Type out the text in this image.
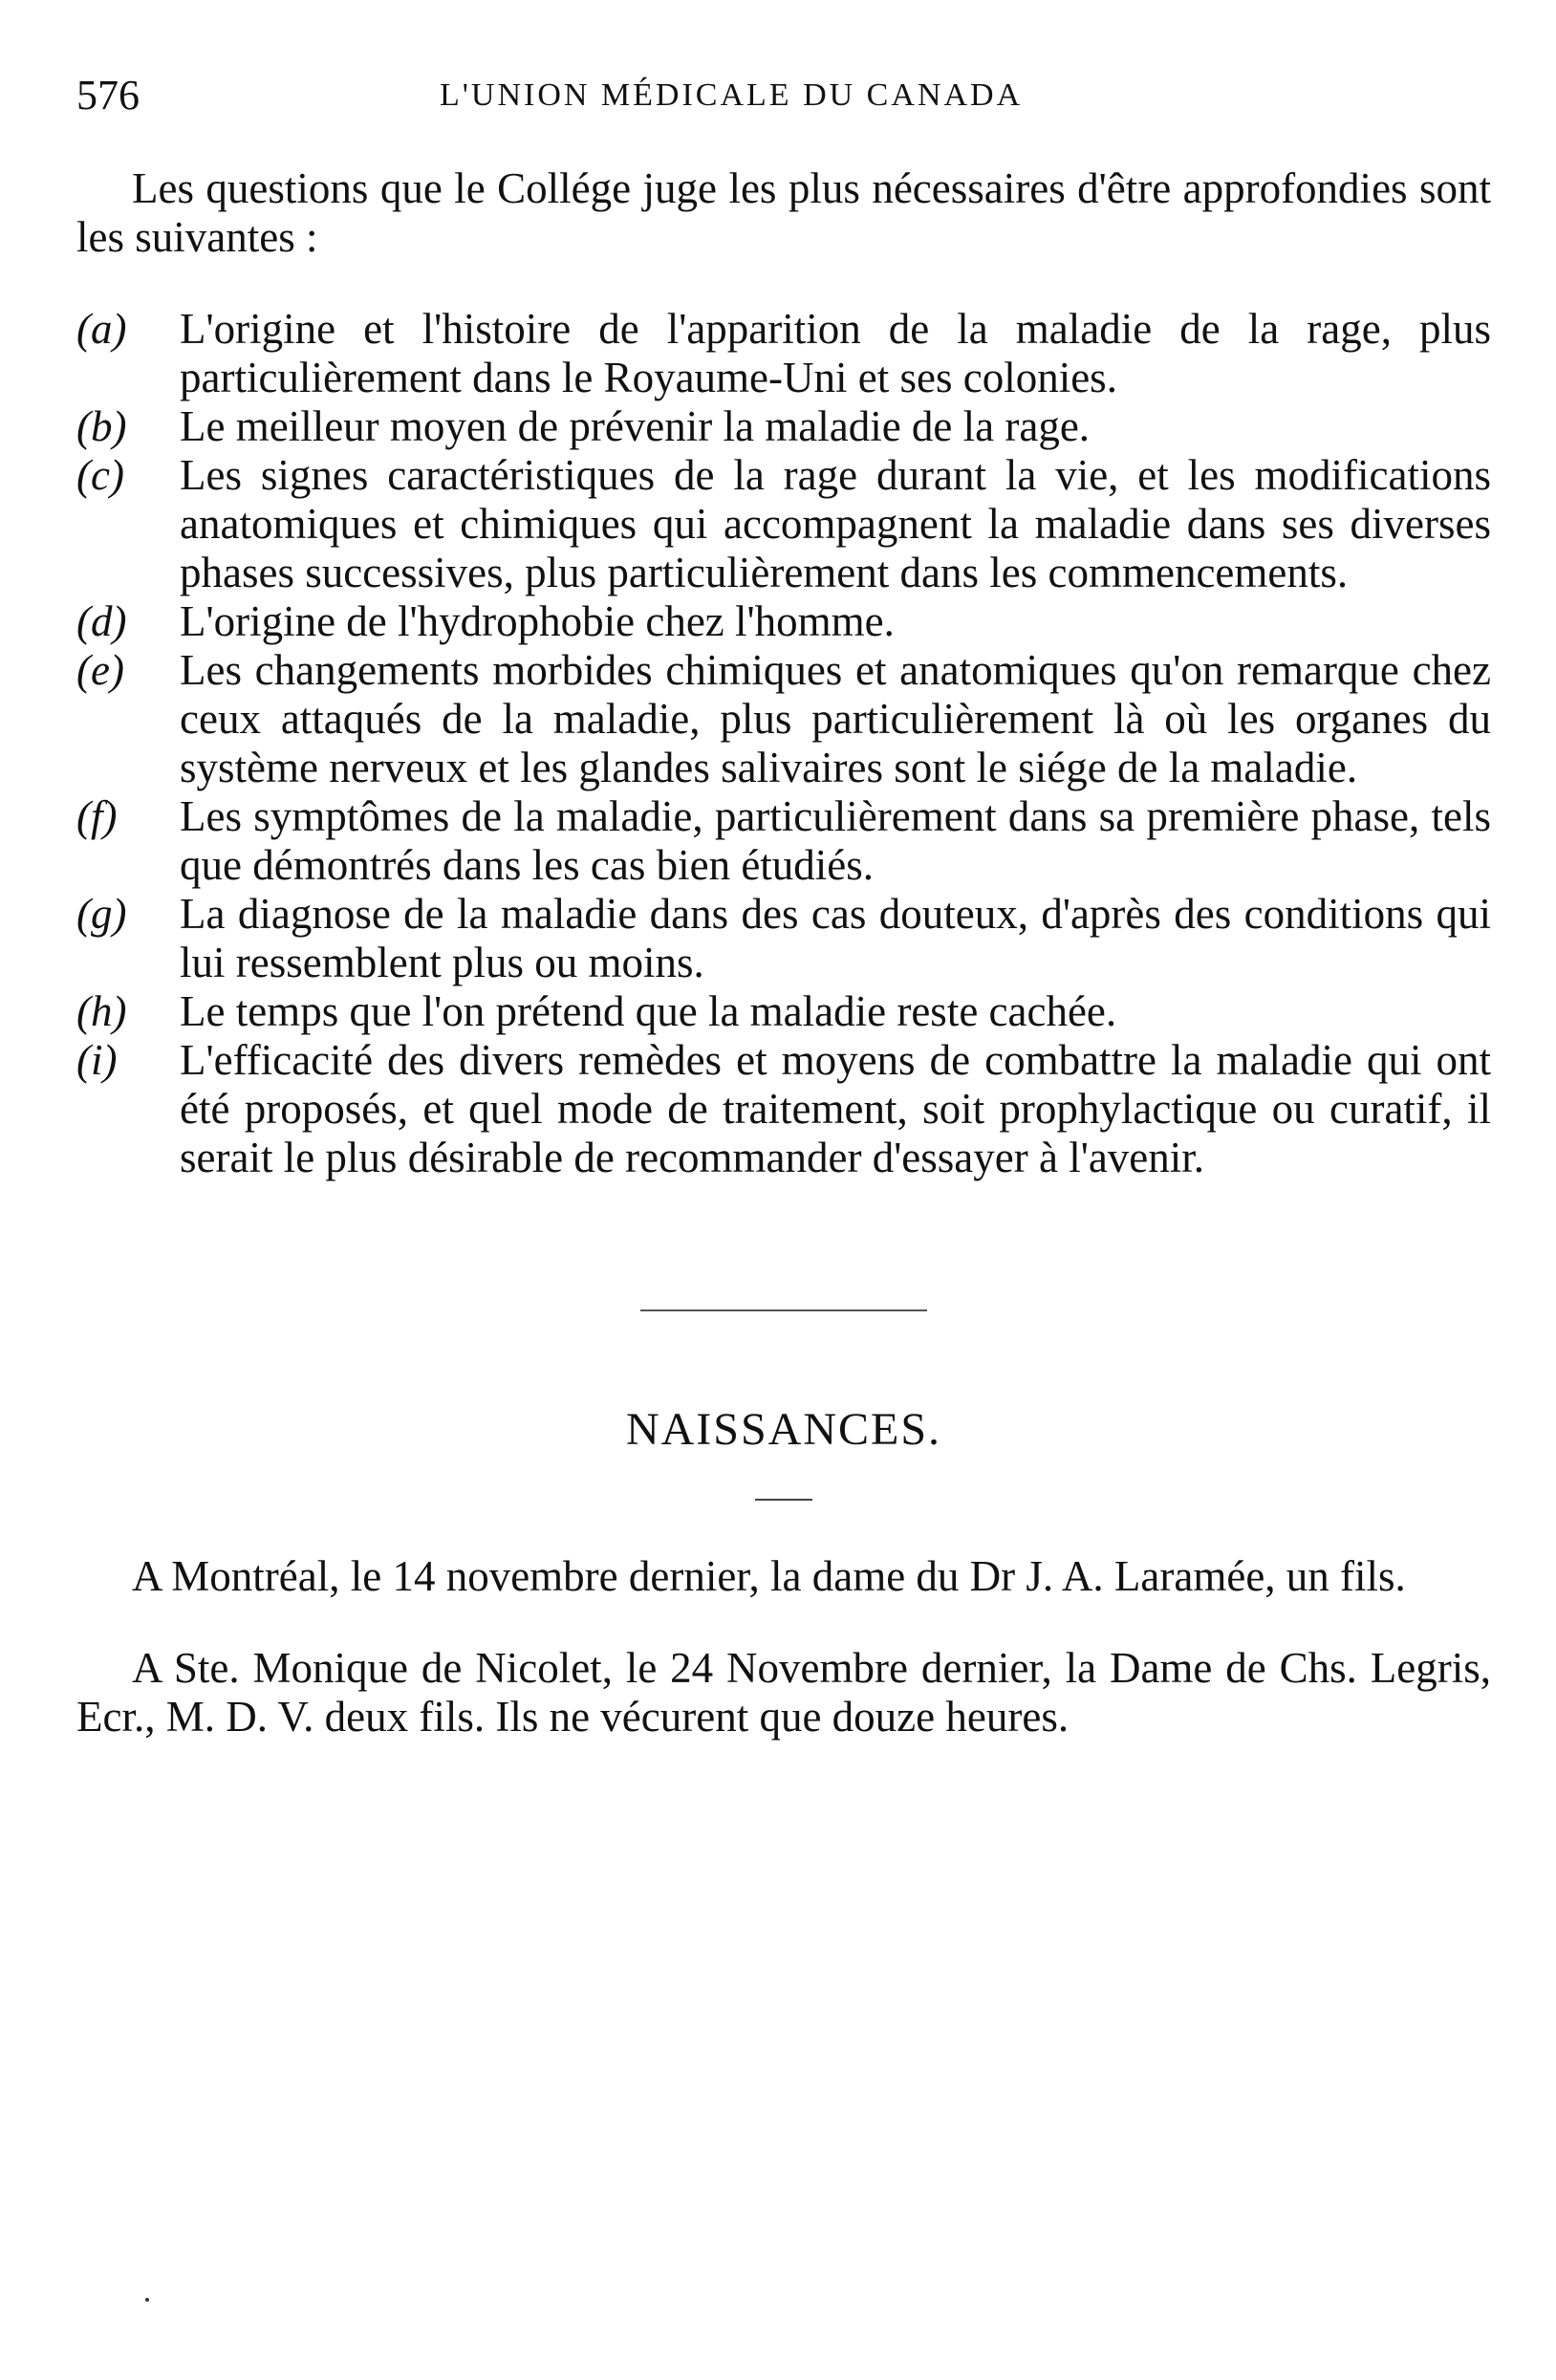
576	L'UNION MÉDICALE DU CANADA

Les questions que le Collége juge les plus nécessaires d'être approfondies sont les suivantes :

(a)	L'origine et l'histoire de l'apparition de la maladie de la rage, plus particulièrement dans le Royaume-Uni et ses colonies.
(b)	Le meilleur moyen de prévenir la maladie de la rage.
(c)	Les signes caractéristiques de la rage durant la vie, et les modifications anatomiques et chimiques qui accompagnent la maladie dans ses diverses phases successives, plus particulièrement dans les commencements.
(d)	L'origine de l'hydrophobie chez l'homme.
(e)	Les changements morbides chimiques et anatomiques qu'on remarque chez ceux attaqués de la maladie, plus particulièrement là où les organes du système nerveux et les glandes salivaires sont le siége de la maladie.
(f)	Les symptômes de la maladie, particulièrement dans sa première phase, tels que démontrés dans les cas bien étudiés.
(g)	La diagnose de la maladie dans des cas douteux, d'après des conditions qui lui ressemblent plus ou moins.
(h)	Le temps que l'on prétend que la maladie reste cachée.
(i)	L'efficacité des divers remèdes et moyens de combattre la maladie qui ont été proposés, et quel mode de traitement, soit prophylactique ou curatif, il serait le plus désirable de recommander d'essayer à l'avenir.
NAISSANCES.

A Montréal, le 14 novembre dernier, la dame du Dr J. A. Laramée, un fils.

A Ste. Monique de Nicolet, le 24 Novembre dernier, la Dame de Chs. Legris, Ecr., M. D. V. deux fils. Ils ne vécurent que douze heures.
